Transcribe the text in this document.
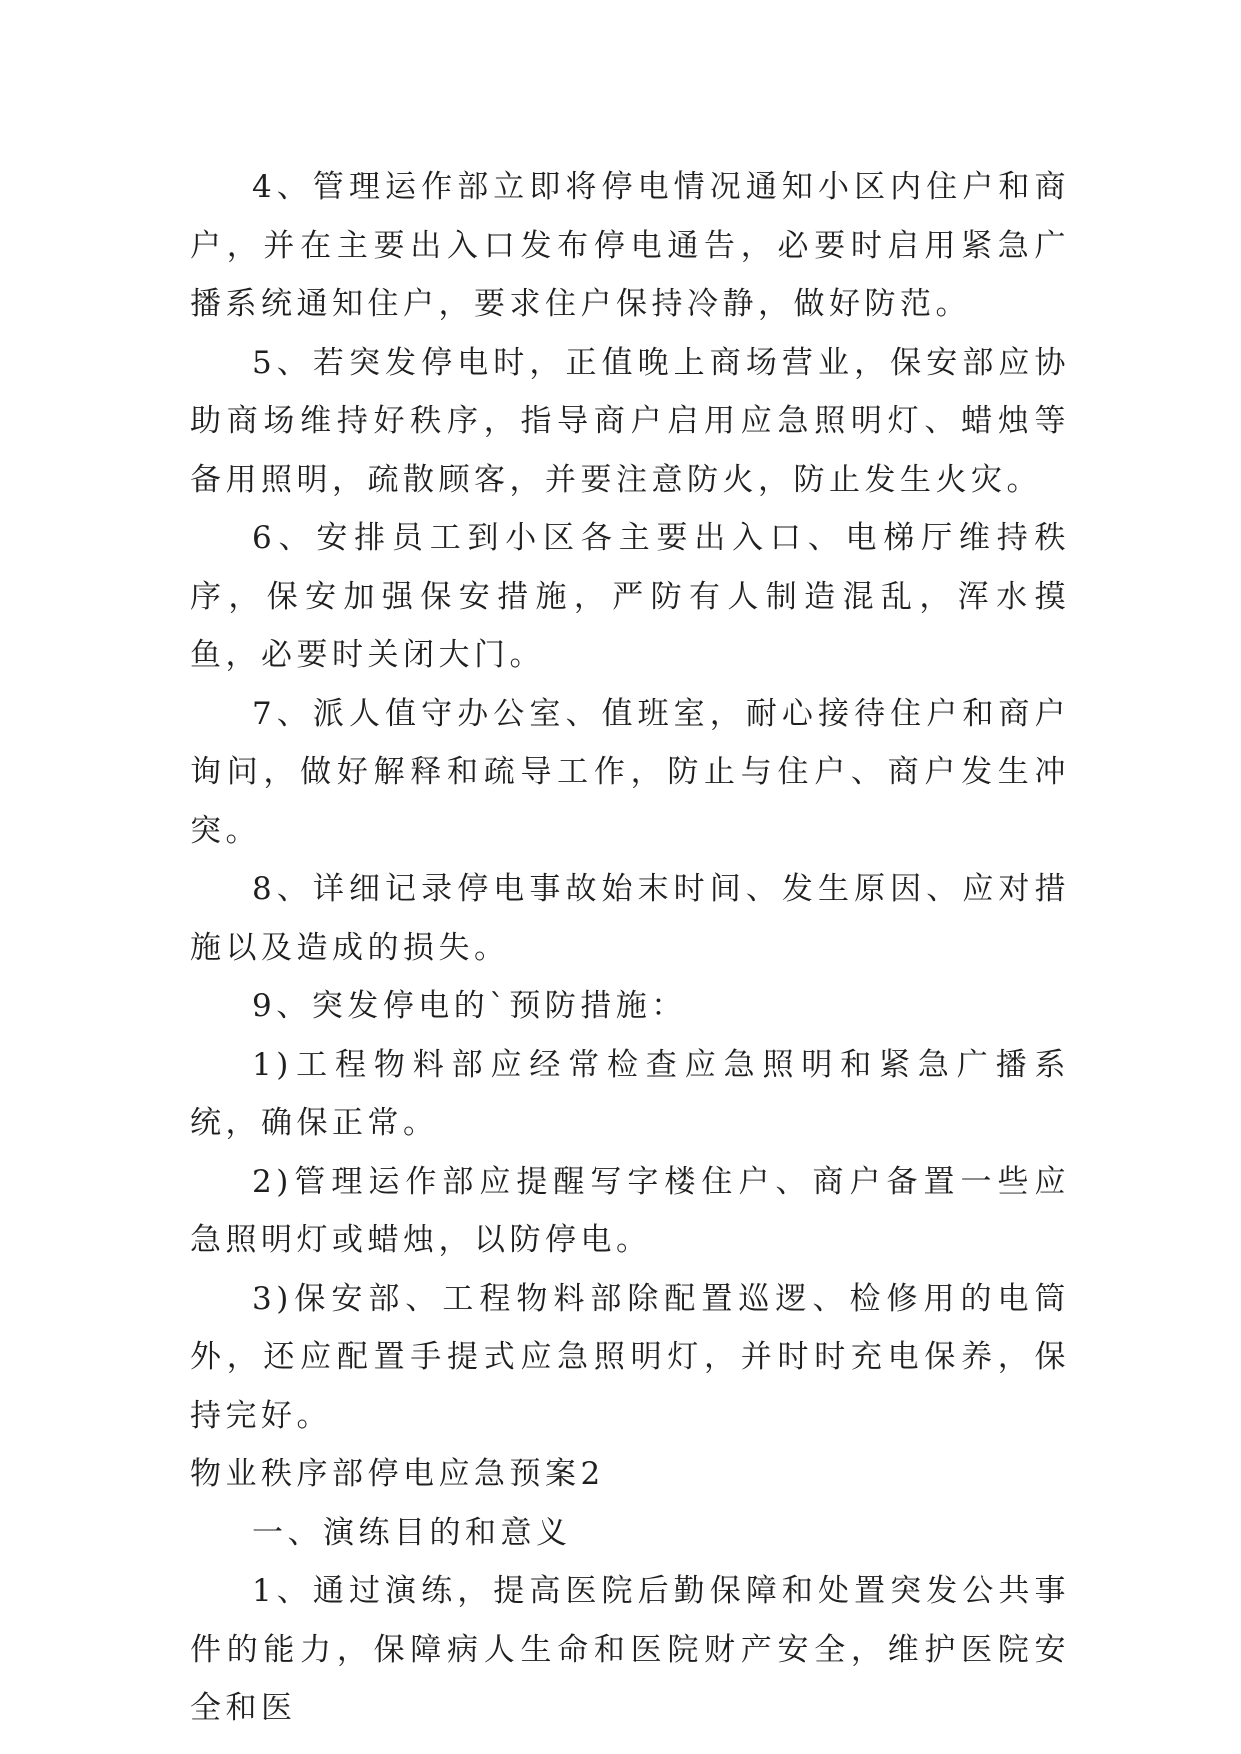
4、管理运作部立即将停电情况通知小区内住户和商户，并在主要出入口发布停电通告，必要时启用紧急广播系统通知住户，要求住户保持冷静，做好防范。

5、若突发停电时，正值晚上商场营业，保安部应协助商场维持好秩序，指导商户启用应急照明灯、蜡烛等备用照明，疏散顾客，并要注意防火，防止发生火灾。

6、安排员工到小区各主要出入口、电梯厅维持秩序，保安加强保安措施，严防有人制造混乱，浑水摸鱼，必要时关闭大门。

7、派人值守办公室、值班室，耐心接待住户和商户询问，做好解释和疏导工作，防止与住户、商户发生冲突。

8、详细记录停电事故始末时间、发生原因、应对措施以及造成的损失。

9、突发停电的`预防措施：

1)工程物料部应经常检查应急照明和紧急广播系统，确保正常。

2)管理运作部应提醒写字楼住户、商户备置一些应急照明灯或蜡烛，以防停电。

3)保安部、工程物料部除配置巡逻、检修用的电筒外，还应配置手提式应急照明灯，并时时充电保养，保持完好。

物业秩序部停电应急预案2

一、演练目的和意义

1、通过演练，提高医院后勤保障和处置突发公共事件的能力，保障病人生命和医院财产安全，维护医院安全和医
